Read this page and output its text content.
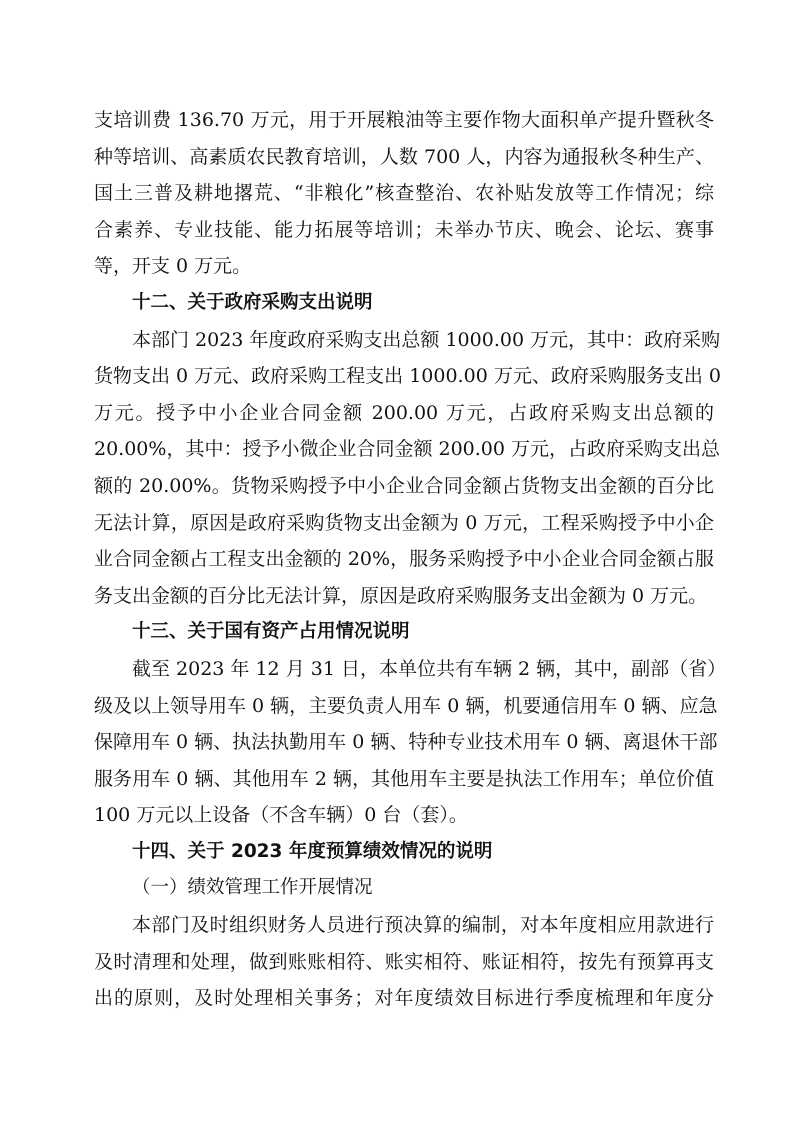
支培训费 136.70 万元，用于开展粮油等主要作物大面积单产提升暨秋冬
种等培训、高素质农民教育培训，人数 700 人，内容为通报秋冬种生产、
国土三普及耕地撂荒、“非粮化”核查整治、农补贴发放等工作情况；综
合素养、专业技能、能力拓展等培训；未举办节庆、晚会、论坛、赛事
等，开支 0 万元。
十二、关于政府采购支出说明
本部门 2023 年度政府采购支出总额 1000.00 万元，其中：政府采购
货物支出 0 万元、政府采购工程支出 1000.00 万元、政府采购服务支出 0
万元。授予中小企业合同金额 200.00 万元，占政府采购支出总额的
20.00%，其中：授予小微企业合同金额 200.00 万元，占政府采购支出总
额的 20.00%。货物采购授予中小企业合同金额占货物支出金额的百分比
无法计算，原因是政府采购货物支出金额为 0 万元，工程采购授予中小企
业合同金额占工程支出金额的 20%，服务采购授予中小企业合同金额占服
务支出金额的百分比无法计算，原因是政府采购服务支出金额为 0 万元。
十三、关于国有资产占用情况说明
截至 2023 年 12 月 31 日，本单位共有车辆 2 辆，其中，副部（省）
级及以上领导用车 0 辆，主要负责人用车 0 辆，机要通信用车 0 辆、应急
保障用车 0 辆、执法执勤用车 0 辆、特种专业技术用车 0 辆、离退休干部
服务用车 0 辆、其他用车 2 辆，其他用车主要是执法工作用车；单位价值
100 万元以上设备（不含车辆）0 台（套）。
十四、关于 2023 年度预算绩效情况的说明
（一）绩效管理工作开展情况
本部门及时组织财务人员进行预决算的编制，对本年度相应用款进行
及时清理和处理，做到账账相符、账实相符、账证相符，按先有预算再支
出的原则，及时处理相关事务；对年度绩效目标进行季度梳理和年度分
